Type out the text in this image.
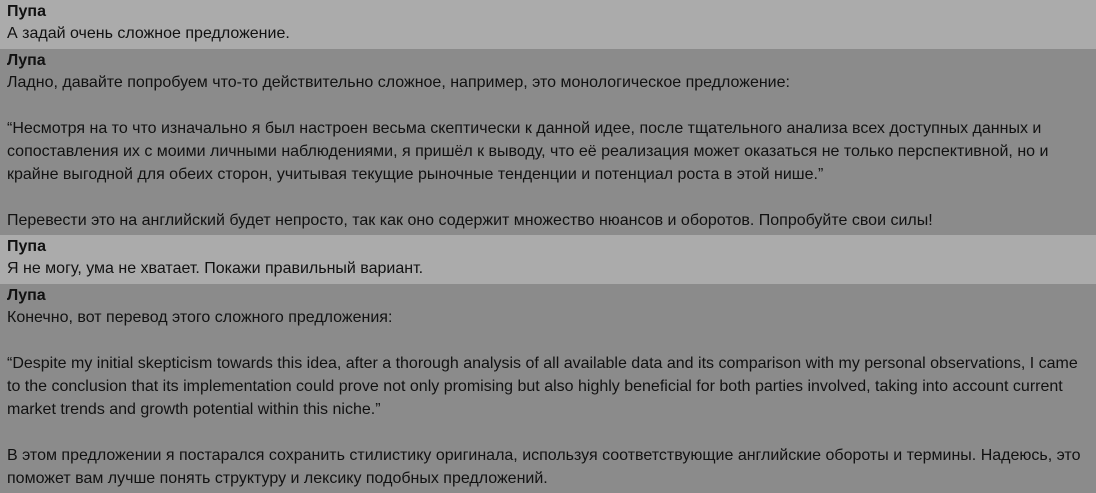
Пупа
А задай очень сложное предложение.
Лупа
Ладно, давайте попробуем что-то действительно сложное, например, это монологическое предложение:
“Несмотря на то что изначально я был настроен весьма скептически к данной идее, после тщательного анализа всех доступных данных и
сопоставления их с моими личными наблюдениями, я пришёл к выводу, что её реализация может оказаться не только перспективной, но и
крайне выгодной для обеих сторон, учитывая текущие рыночные тенденции и потенциал роста в этой нише.”
Перевести это на английский будет непросто, так как оно содержит множество нюансов и оборотов. Попробуйте свои силы!
Пупа
Я не могу, ума не хватает. Покажи правильный вариант.
Лупа
Конечно, вот перевод этого сложного предложения:
“Despite my initial skepticism towards this idea, after a thorough analysis of all available data and its comparison with my personal observations, I came
to the conclusion that its implementation could prove not only promising but also highly beneficial for both parties involved, taking into account current
market trends and growth potential within this niche.”
В этом предложении я постарался сохранить стилистику оригинала, используя соответствующие английские обороты и термины. Надеюсь, это
поможет вам лучше понять структуру и лексику подобных предложений.
